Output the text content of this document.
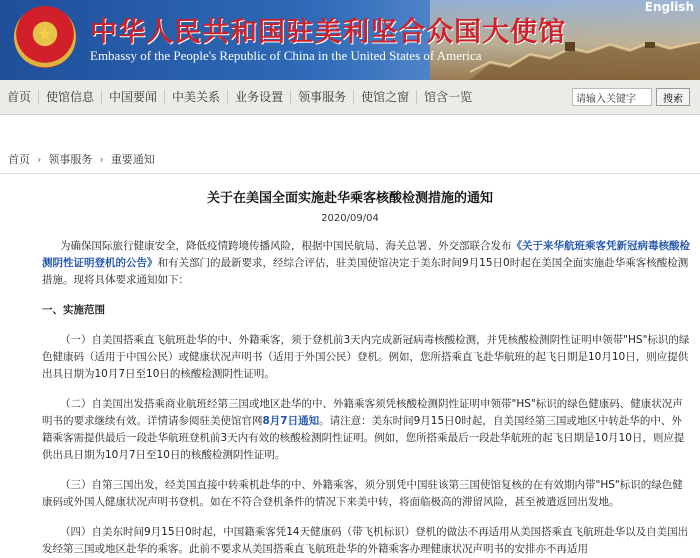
★	中华人民共和国驻美利坚合众国大使馆
Embassy of the People's Republic of China in the United States of America
English
首页	使馆信息	中国要闻	中美关系	业务设置	领事服务	使馆之窗	馆含一览
请输入关键字	搜索
首页 › 领事服务 › 重要通知
关于在美国全面实施赴华乘客核酸检测措施的通知
2020/09/04

为确保国际旅行健康安全，降低疫情跨境传播风险，根据中国民航局、海关总署、外交部联合发布《关于来华航班乘客凭新冠病毒核酸检测阴性证明登机的公告》和有关部门的最新要求，经综合评估，驻美国使馆决定于美东时间9月15日0时起在美国全面实施赴华乘客核酸检测措施。现将具体要求通知如下：

一、实施范围

（一）自美国搭乘直飞航班赴华的中、外籍乘客，须于登机前3天内完成新冠病毒核酸检测，并凭核酸检测阴性证明申领带"HS"标识的绿色健康码（适用于中国公民）或健康状况声明书（适用于外国公民）登机。例如，您所搭乘直飞赴华航班的起飞日期是10月10日，则应提供出具日期为10月7日至10日的核酸检测阴性证明。

（二）自美国出发搭乘商业航班经第三国或地区赴华的中、外籍乘客须凭核酸检测阴性证明申领带"HS"标识的绿色健康码、健康状况声明书的要求继续有效。详情请参阅驻美使馆官网8月7日通知。请注意：美东时间9月15日0时起，自美国经第三国或地区中转赴华的中、外籍乘客需提供最后一段赴华航班登机前3天内有效的核酸检测阴性证明。例如，您所搭乘最后一段赴华航班的起飞日期是10月10日，则应提供出具日期为10月7日至10日的核酸检测阴性证明。

（三）自第三国出发，经美国直接中转乘机赴华的中、外籍乘客，须分别凭中国驻该第三国使馆复核的在有效期内带"HS"标识的绿色健康码或外国人健康状况声明书登机。如在不符合登机条件的情况下来美中转，将面临极高的滞留风险，甚至被遣返回出发地。

（四）自美东时间9月15日0时起，中国籍乘客凭14天健康码（带飞机标识）登机的做法不再适用从美国搭乘直飞航班赴华以及自美国出发经第三国或地区赴华的乘客。此前不要求从美国搭乘直飞航班赴华的外籍乘客办理健康状况声明书的安排亦不再适用
